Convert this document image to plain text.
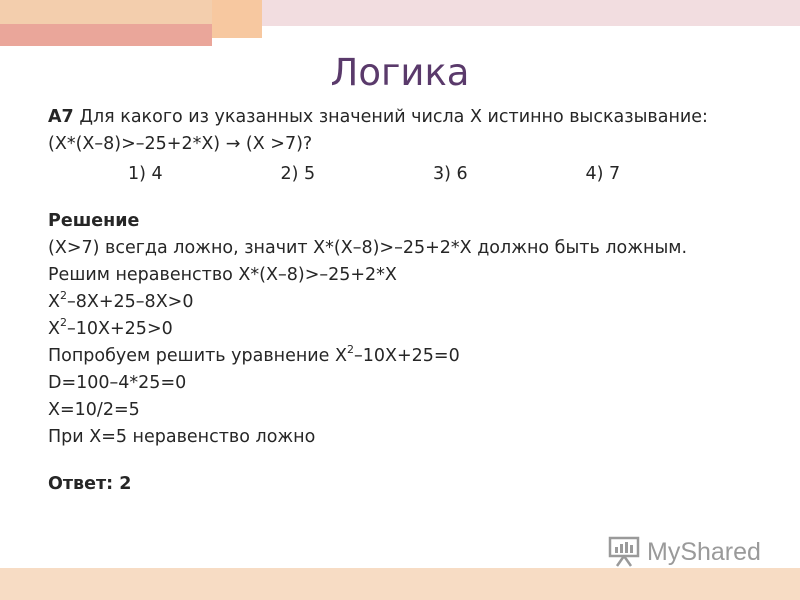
Логика
А7 Для какого из указанных значений числа Х истинно высказывание:
(Х*(Х–8)>–25+2*Х) → (Х >7)?
1) 4	2) 5	3) 6	4) 7
Решение
(Х>7) всегда ложно, значит Х*(Х–8)>–25+2*Х должно быть ложным.
Решим неравенство Х*(Х–8)>–25+2*Х
$Х^2-8Х+25-8Х>0$
$Х^2-10Х+25>0$
Попробуем решить уравнение $Х^2-10Х+25=0$
D=100–4*25=0
Х=10/2=5
При Х=5 неравенство ложно
Ответ: 2
MyShared
